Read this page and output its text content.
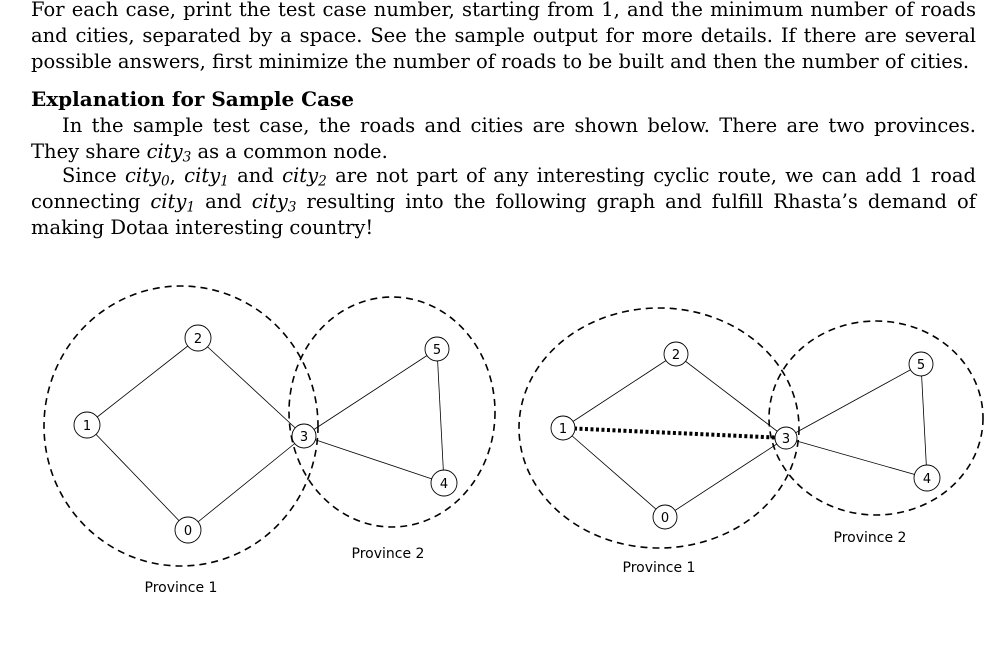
For each case, print the test case number, starting from 1, and the minimum number of roads and cities, separated by a space. See the sample output for more details. If there are several possible answers, first minimize the number of roads to be built and then the number of cities.

Explanation for Sample Case

In the sample test case, the roads and cities are shown below. There are two provinces. They share city$_3$ as a common node.

Since city$_0$, city$_1$ and city$_2$ are not part of any interesting cyclic route, we can add 1 road connecting city$_1$ and city$_3$ resulting into the following graph and fulfill Rhasta’s demand of making Dotaa interesting country!

0
1
2
3
4
5
Province 1
Province 2
0
1
2
3
4
5
Province 1
Province 2
